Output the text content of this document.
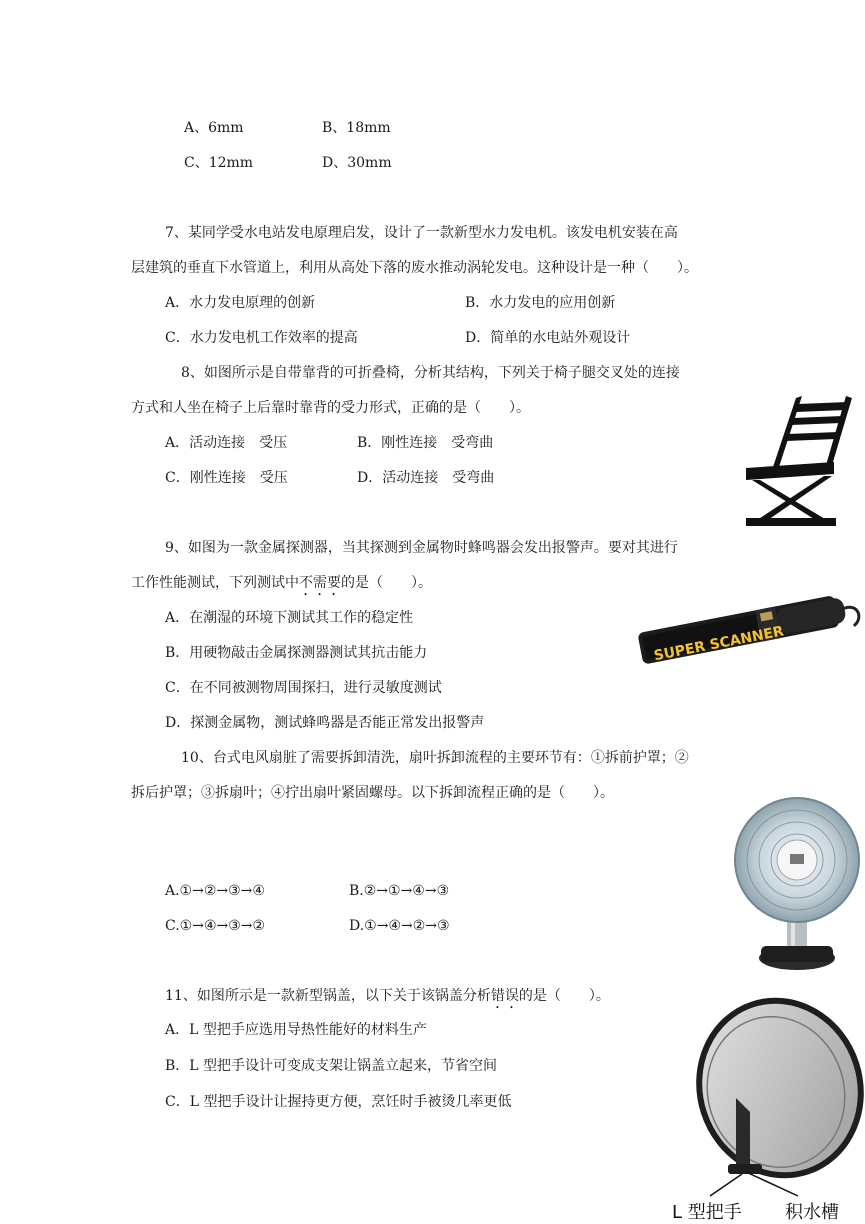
A、6mm	B、18mm
C、12mm	D、30mm
7、某同学受水电站发电原理启发，设计了一款新型水力发电机。该发电机安装在高
层建筑的垂直下水管道上，利用从高处下落的废水推动涡轮发电。这种设计是一种（　　）。
A．水力发电原理的创新	B．水力发电的应用创新
C．水力发电机工作效率的提高	D．简单的水电站外观设计
8、如图所示是自带靠背的可折叠椅，分析其结构，下列关于椅子腿交叉处的连接
方式和人坐在椅子上后靠时靠背的受力形式，正确的是（　　）。
A．活动连接　受压	B．刚性连接　受弯曲
C．刚性连接　受压	D．活动连接　受弯曲
9、如图为一款金属探测器，当其探测到金属物时蜂鸣器会发出报警声。要对其进行
工作性能测试，下列测试中不需要的是（　　）。
A．在潮湿的环境下测试其工作的稳定性
B．用硬物敲击金属探测器测试其抗击能力
C．在不同被测物周围探扫，进行灵敏度测试
D．探测金属物，测试蜂鸣器是否能正常发出报警声
SUPER SCANNER
10、台式电风扇脏了需要拆卸清洗，扇叶拆卸流程的主要环节有：①拆前护罩；②
拆后护罩；③拆扇叶；④拧出扇叶紧固螺母。以下拆卸流程正确的是（　　）。
A.①→②→③→④	B.②→①→④→③
C.①→④→③→②	D.①→④→②→③
11、如图所示是一款新型锅盖，以下关于该锅盖分析错误的是（　　）。
A．L 型把手应选用导热性能好的材料生产
B．L 型把手设计可变成支架让锅盖立起来，节省空间
C．L 型把手设计让握持更方便，烹饪时手被烫几率更低
L 型把手 积水槽
